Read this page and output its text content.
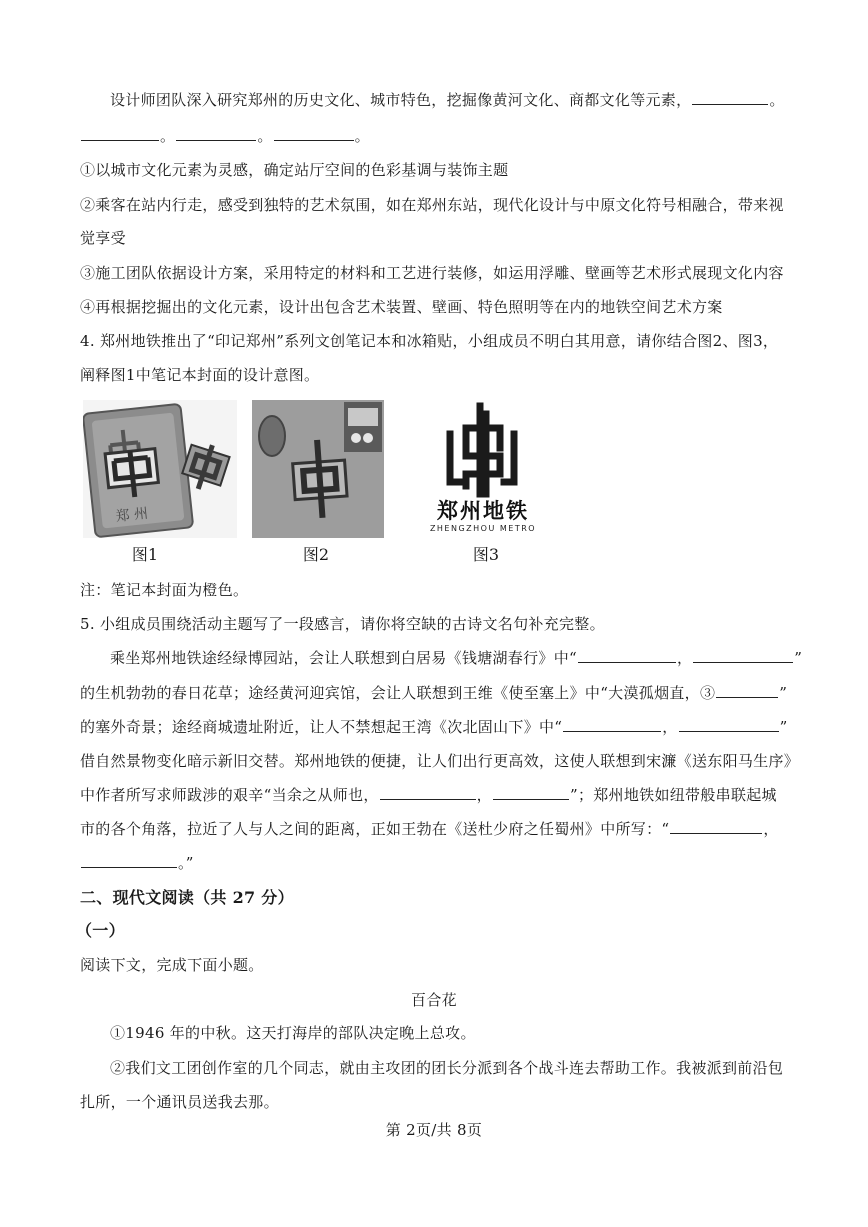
设计师团队深入研究郑州的历史文化、城市特色，挖掘像黄河文化、商都文化等元素，	。
。	。	。
①以城市文化元素为灵感，确定站厅空间的色彩基调与装饰主题
②乘客在站内行走，感受到独特的艺术氛围，如在郑州东站，现代化设计与中原文化符号相融合，带来视
觉享受
③施工团队依据设计方案，采用特定的材料和工艺进行装修，如运用浮雕、壁画等艺术形式展现文化内容
④再根据挖掘出的文化元素，设计出包含艺术装置、壁画、特色照明等在内的地铁空间艺术方案
4. 郑州地铁推出了“印记郑州”系列文创笔记本和冰箱贴，小组成员不明白其用意，请你结合图2、图3，
阐释图1中笔记本封面的设计意图。
郑 州	郑州地铁
ZHENGZHOU METRO
图1	图2	图3
注：笔记本封面为橙色。
5. 小组成员围绕活动主题写了一段感言，请你将空缺的古诗文名句补充完整。
乘坐郑州地铁途经绿博园站，会让人联想到白居易《钱塘湖春行》中“	，	”
的生机勃勃的春日花草；途经黄河迎宾馆，会让人联想到王维《使至塞上》中“大漠孤烟直，③	”
的塞外奇景；途经商城遗址附近，让人不禁想起王湾《次北固山下》中“	，	”
借自然景物变化暗示新旧交替。郑州地铁的便捷，让人们出行更高效，这使人联想到宋濂《送东阳马生序》
中作者所写求师跋涉的艰辛“当余之从师也，	，	”；郑州地铁如纽带般串联起城
市的各个角落，拉近了人与人之间的距离，正如王勃在《送杜少府之任蜀州》中所写：“	，
。”
二、现代文阅读（共 27 分）
（一）
阅读下文，完成下面小题。
百合花
①1946 年的中秋。这天打海岸的部队决定晚上总攻。
②我们文工团创作室的几个同志，就由主攻团的团长分派到各个战斗连去帮助工作。我被派到前沿包
扎所，一个通讯员送我去那。
第 2页/共 8页
